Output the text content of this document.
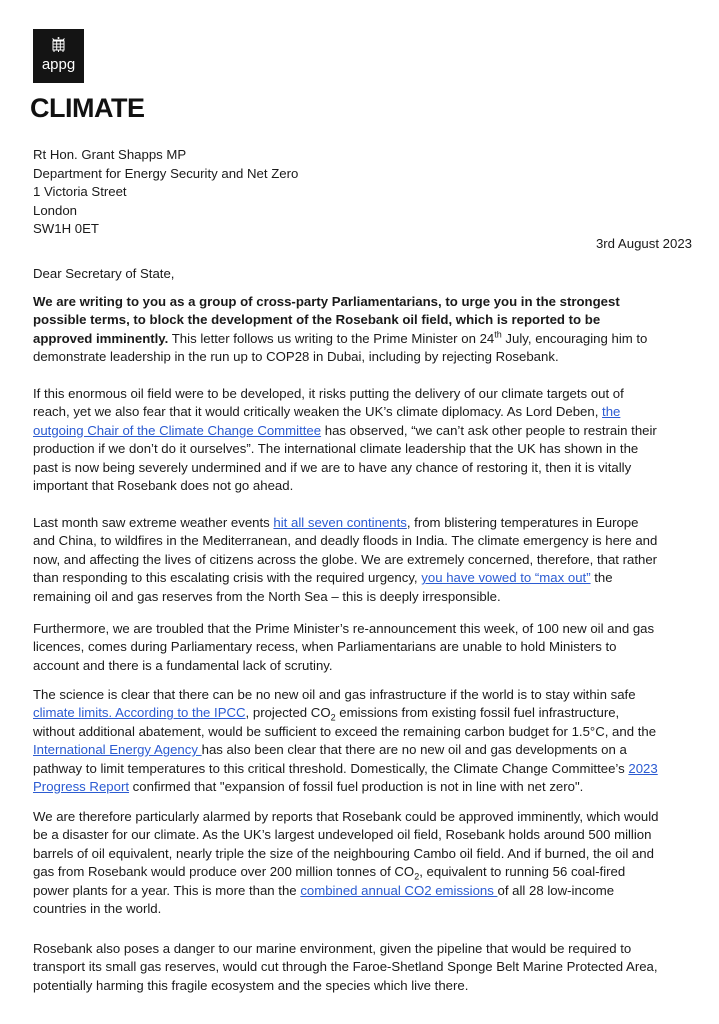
appg
CLIMATE
Rt Hon. Grant Shapps MP
Department for Energy Security and Net Zero
1 Victoria Street
London
SW1H 0ET
3rd August 2023
Dear Secretary of State,
We are writing to you as a group of cross-party Parliamentarians, to urge you in the strongest
possible terms, to block the development of the Rosebank oil field, which is reported to be
approved imminently. This letter follows us writing to the Prime Minister on 24th July, encouraging him to
demonstrate leadership in the run up to COP28 in Dubai, including by rejecting Rosebank.
If this enormous oil field were to be developed, it risks putting the delivery of our climate targets out of
reach, yet we also fear that it would critically weaken the UK’s climate diplomacy. As Lord Deben, the
outgoing Chair of the Climate Change Committee has observed, “we can’t ask other people to restrain their
production if we don’t do it ourselves”. The international climate leadership that the UK has shown in the
past is now being severely undermined and if we are to have any chance of restoring it, then it is vitally
important that Rosebank does not go ahead.
Last month saw extreme weather events hit all seven continents, from blistering temperatures in Europe
and China, to wildfires in the Mediterranean, and deadly floods in India. The climate emergency is here and
now, and affecting the lives of citizens across the globe. We are extremely concerned, therefore, that rather
than responding to this escalating crisis with the required urgency, you have vowed to “max out” the
remaining oil and gas reserves from the North Sea – this is deeply irresponsible.
Furthermore, we are troubled that the Prime Minister’s re-announcement this week, of 100 new oil and gas
licences, comes during Parliamentary recess, when Parliamentarians are unable to hold Ministers to
account and there is a fundamental lack of scrutiny.
The science is clear that there can be no new oil and gas infrastructure if the world is to stay within safe
climate limits. According to the IPCC, projected $CO_2$ emissions from existing fossil fuel infrastructure,
without additional abatement, would be sufficient to exceed the remaining carbon budget for 1.5°C, and the
International Energy Agency has also been clear that there are no new oil and gas developments on a
pathway to limit temperatures to this critical threshold. Domestically, the Climate Change Committee’s 2023
Progress Report confirmed that "expansion of fossil fuel production is not in line with net zero".
We are therefore particularly alarmed by reports that Rosebank could be approved imminently, which would
be a disaster for our climate. As the UK’s largest undeveloped oil field, Rosebank holds around 500 million
barrels of oil equivalent, nearly triple the size of the neighbouring Cambo oil field. And if burned, the oil and
gas from Rosebank would produce over 200 million tonnes of $CO_2$, equivalent to running 56 coal-fired
power plants for a year. This is more than the combined annual CO2 emissions of all 28 low-income
countries in the world.
Rosebank also poses a danger to our marine environment, given the pipeline that would be required to
transport its small gas reserves, would cut through the Faroe-Shetland Sponge Belt Marine Protected Area,
potentially harming this fragile ecosystem and the species which live there.
